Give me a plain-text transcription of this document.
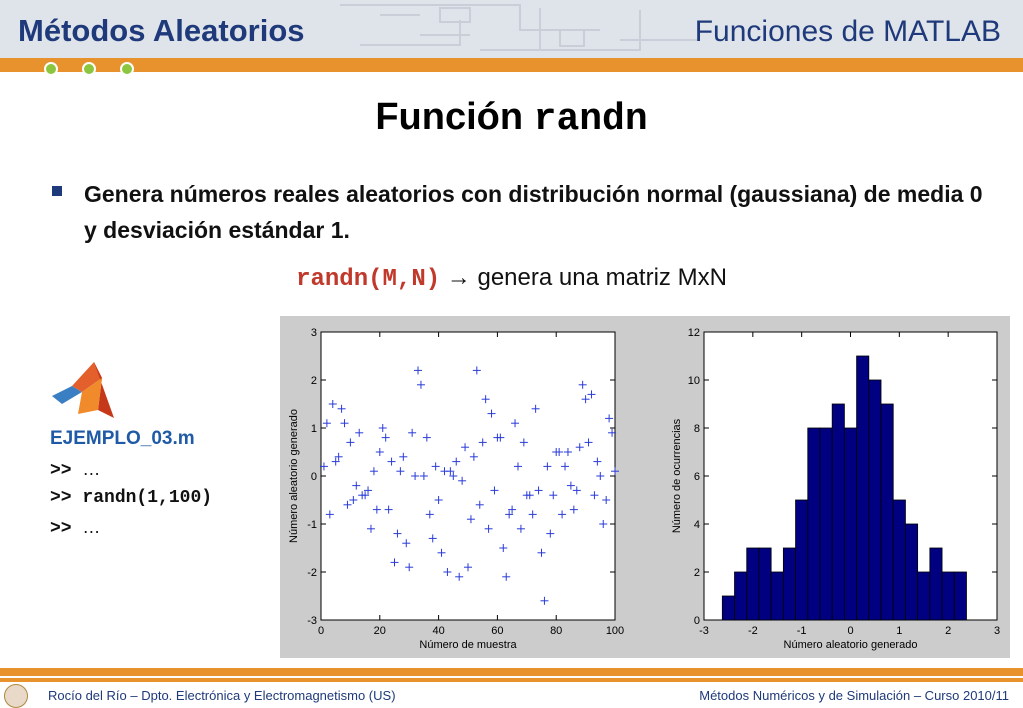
Métodos Aleatorios	Funciones de MATLAB
Función randn
Genera números reales aleatorios con distribución normal (gaussiana) de media 0 y desviación estándar 1.
randn(M,N) → genera una matriz MxN
EJEMPLO_03.m
>> …
>> randn(1,100)
>> …
0	20	40	60	80	100
-3
-2
-1
0
1
2
3
Número de muestra
Número aleatorio generado
-3	-2	-1	0	1	2	3
0
2
4
6
8
10
12
Número aleatorio generado
Número de ocurrencias
Rocío del Río – Dpto. Electrónica y Electromagnetismo (US)	Métodos Numéricos y de Simulación – Curso 2010/11
